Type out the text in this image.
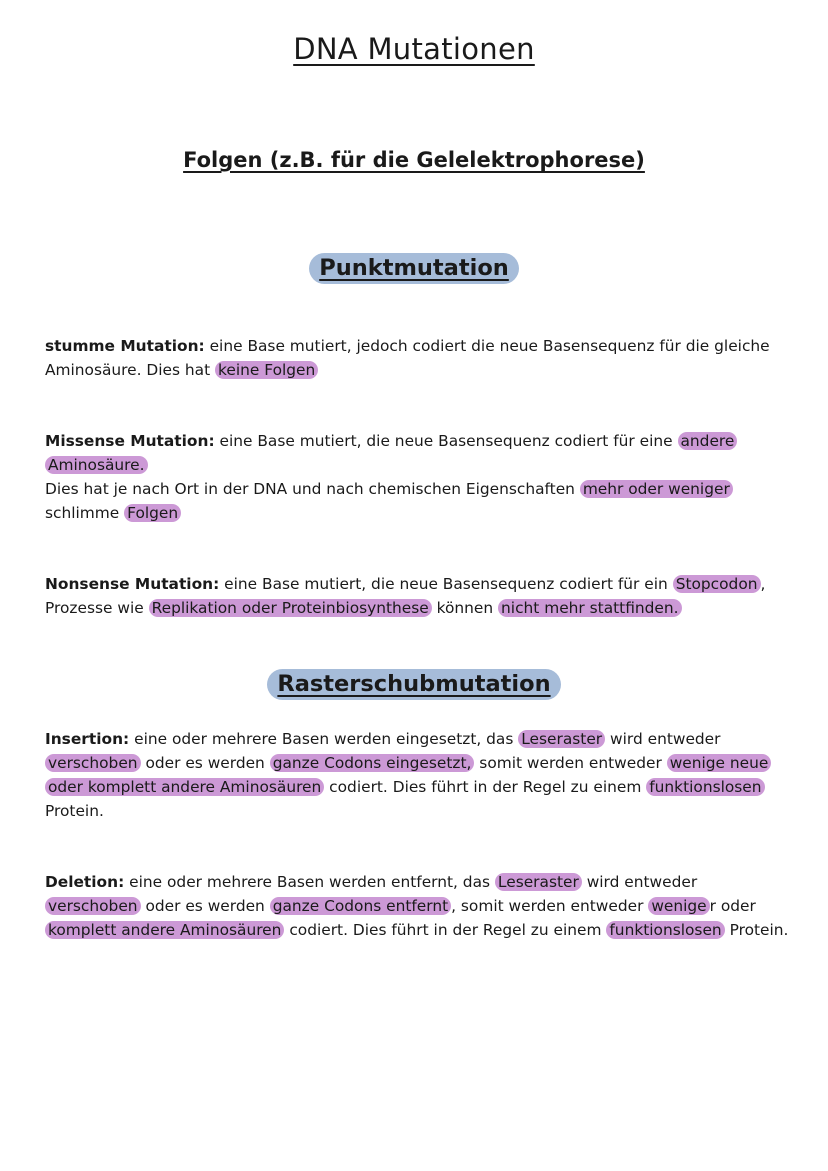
DNA Mutationen
Folgen (z.B. für die Gelelektrophorese)
Punktmutation

stumme Mutation: eine Base mutiert, jedoch codiert die neue Basensequenz für die gleiche Aminosäure. Dies hat keine Folgen

Missense Mutation: eine Base mutiert, die neue Basensequenz codiert für eine andere Aminosäure.
Dies hat je nach Ort in der DNA und nach chemischen Eigenschaften mehr oder weniger schlimme Folgen

Nonsense Mutation: eine Base mutiert, die neue Basensequenz codiert für ein Stopcodon , Prozesse wie Replikation oder Proteinbiosynthese können nicht mehr stattfinden.

Rasterschubmutation

Insertion: eine oder mehrere Basen werden eingesetzt, das Leseraster wird entweder verschoben oder es werden ganze Codons eingesetzt, somit werden entweder wenige neue oder komplett andere Aminosäuren codiert. Dies führt in der Regel zu einem funktionslosen Protein.

Deletion: eine oder mehrere Basen werden entfernt, das Leseraster wird entweder verschoben oder es werden ganze Codons entfernt , somit werden entweder wenige r oder komplett andere Aminosäuren codiert. Dies führt in der Regel zu einem funktionslosen Protein.
